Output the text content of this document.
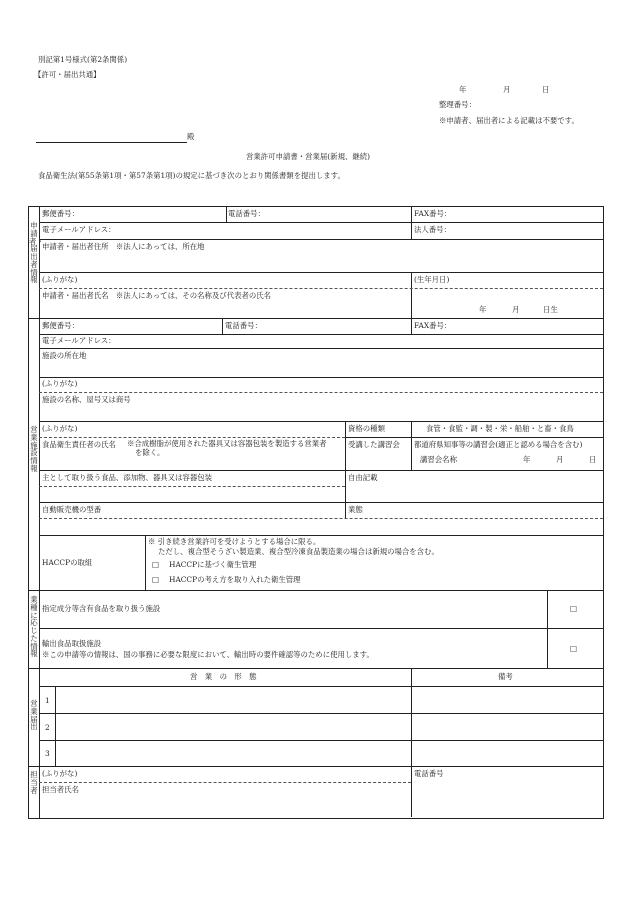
別記第1号様式(第2条関係)
【許可・届出共通】
年	月	日
整理番号：
※申請者、届出者による記載は不要です。
殿
営業許可申請書・営業届(新規、継続)
食品衛生法(第55条第1項・第57条第1項)の規定に基づき次のとおり関係書類を提出します。
申請者・届出者情報
郵便番号：	電話番号：	FAX番号：
電子メールアドレス：	法人番号：
申請者・届出者住所　※法人にあっては、所在地
(ふりがな)	(生年月日)
申請者・届出者氏名　※法人にあっては、その名称及び代表者の氏名
年	月	日生
営業施設情報
郵便番号：	電話番号：	FAX番号：
電子メールアドレス：
施設の所在地
(ふりがな)
施設の名称、屋号又は商号
(ふりがな)	資格の種類	食管・食監・調・製・栄・船舶・と畜・食鳥
食品衛生責任者の氏名 ※合成樹脂が使用された器具又は容器包装を製造する営業者
を除く。
受講した講習会 都道府県知事等の講習会(適正と認める場合を含む)
講習会名称	年	月	日
主として取り扱う食品、添加物、器具又は容器包装	自由記載
自動販売機の型番	業態
HACCPの取組
※ 引き続き営業許可を受けようとする場合に限る。
ただし、複合型そうざい製造業、複合型冷凍食品製造業の場合は新規の場合を含む。
□ HACCPに基づく衛生管理
□ HACCPの考え方を取り入れた衛生管理
業種に応じた情報
指定成分等含有食品を取り扱う施設	□
輸出食品取扱施設
※この申請等の情報は、国の事務に必要な限度において、輸出時の要件確認等のために使用します。
□
営業届出
営　業　の　形　態	備考
1
2
3
担当者
(ふりがな)	電話番号
担当者氏名
